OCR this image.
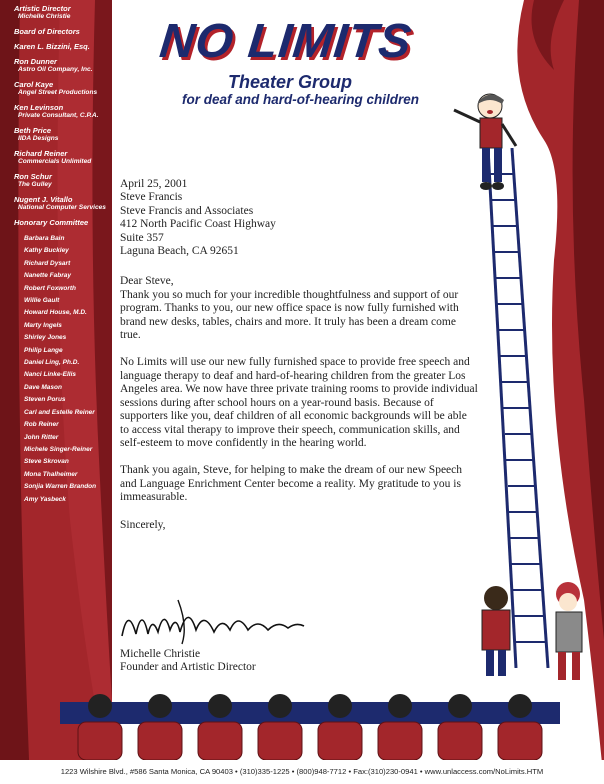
Artistic Director
Michelle Christie
Board of Directors
Karen L. Bizzini, Esq.
Ron Dunner
Astro Oil Company, Inc.
Carol Kaye
Angel Street Productions
Ken Levinson
Private Consultant, C.P.A.
Beth Price
IIDA Designs
Richard Reiner
Commercials Unlimited
Ron Schur
The Gulley
Nugent J. Vitallo
National Computer Services
Honorary Committee
Barbara Bain
Kathy Buckley
Richard Dysart
Nanette Fabray
Robert Foxworth
Willie Gault
Howard House, M.D.
Marty Ingels
Shirley Jones
Philip Lange
Daniel Ling, Ph.D.
Nanci Linke-Ellis
Dave Mason
Steven Porus
Carl and Estelle Reiner
Rob Reiner
John Ritter
Michele Singer-Reiner
Steve Skrovan
Mona Thalheimer
Sonjia Warren Brandon
Amy Yasbeck
NO LIMITS
Theater Group
for deaf and hard-of-hearing children

April 25, 2001

Steve Francis

Steve Francis and Associates

412 North Pacific Coast Highway

Suite 357

Laguna Beach, CA 92651

Dear Steve,

Thank you so much for your incredible thoughtfulness and support of our program. Thanks to you, our new office space is now fully furnished with brand new desks, tables, chairs and more. It truly has been a dream come true.

No Limits will use our new fully furnished space to provide free speech and language therapy to deaf and hard-of-hearing children from the greater Los Angeles area. We now have three private training rooms to provide individual sessions during after school hours on a year-round basis. Because of supporters like you, deaf children of all economic backgrounds will be able to access vital therapy to improve their speech, communication skills, and self-esteem to move confidently in the hearing world.

Thank you again, Steve, for helping to make the dream of our new Speech and Language Enrichment Center become a reality. My gratitude to you is immeasurable.

Sincerely,

Michelle Christie
Founder and Artistic Director
1223 Wilshire Blvd., #586 Santa Monica, CA 90403 • (310)335-1225 • (800)948-7712 • Fax:(310)230-0941 • www.unlaccess.com/NoLimits.HTM
